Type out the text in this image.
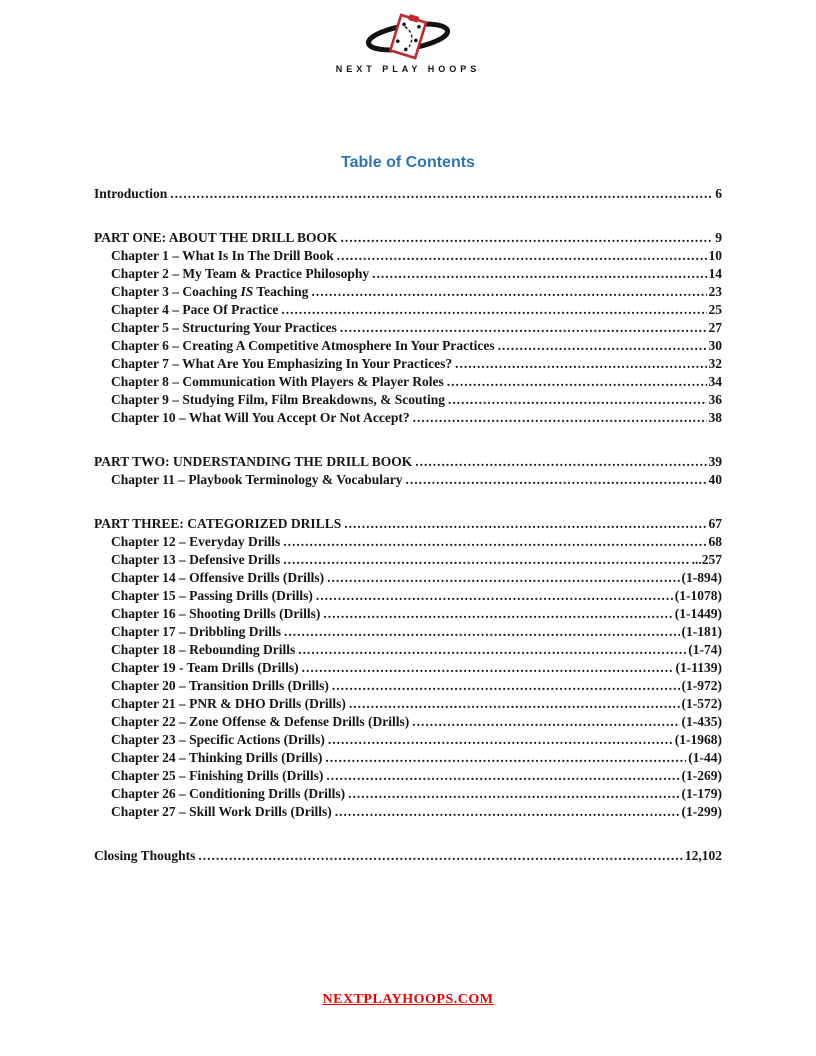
NEXT PLAY HOOPS
Table of Contents
Introduction .....	6
PART ONE: ABOUT THE DRILL BOOK .....	9
Chapter 1 – What Is In The Drill Book .....	10
Chapter 2 – My Team & Practice Philosophy .....	14
Chapter 3 – Coaching IS Teaching .....	23
Chapter 4 – Pace Of Practice .....	25
Chapter 5 – Structuring Your Practices .....	27
Chapter 6 – Creating A Competitive Atmosphere In Your Practices .....	30
Chapter 7 – What Are You Emphasizing In Your Practices? .....	32
Chapter 8 – Communication With Players & Player Roles .....	34
Chapter 9 – Studying Film, Film Breakdowns, & Scouting .....	36
Chapter 10 – What Will You Accept Or Not Accept? .....	38
PART TWO: UNDERSTANDING THE DRILL BOOK .....	39
Chapter 11 – Playbook Terminology & Vocabulary .....	40
PART THREE: CATEGORIZED DRILLS .....	67
Chapter 12 – Everyday Drills .....	68
Chapter 13 – Defensive Drills .....	...257
Chapter 14 – Offensive Drills (Drills) .....	(1-894)
Chapter 15 – Passing Drills (Drills) .....	(1-1078)
Chapter 16 – Shooting Drills (Drills) .....	(1-1449)
Chapter 17 – Dribbling Drills .....	(1-181)
Chapter 18 – Rebounding Drills .....	(1-74)
Chapter 19 - Team Drills (Drills) .....	(1-1139)
Chapter 20 – Transition Drills (Drills) .....	(1-972)
Chapter 21 – PNR & DHO Drills (Drills) .....	(1-572)
Chapter 22 – Zone Offense & Defense Drills (Drills) .....	(1-435)
Chapter 23 – Specific Actions (Drills) .....	(1-1968)
Chapter 24 – Thinking Drills (Drills) .....	(1-44)
Chapter 25 – Finishing Drills (Drills) .....	(1-269)
Chapter 26 – Conditioning Drills (Drills) .....	(1-179)
Chapter 27 – Skill Work Drills (Drills) .....	(1-299)
Closing Thoughts .....	12,102
NEXTPLAYHOOPS.COM
